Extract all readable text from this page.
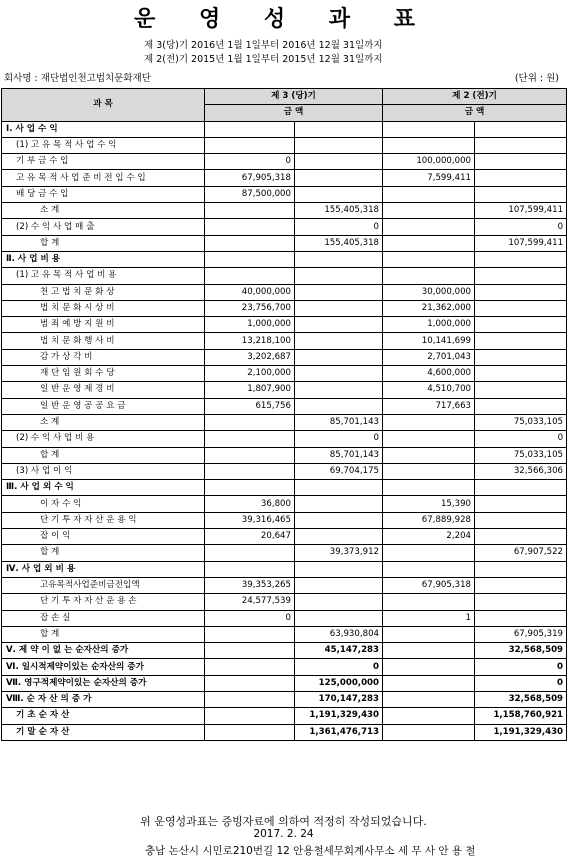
운 영 성 과 표
제 3(당)기 2016년 1월 1일부터 2016년 12월 31일까지
제 2(전)기 2015년 1월 1일부터 2015년 12월 31일까지
회사명 : 재단법인천고법치문화재단	(단위 : 원)
과 목	제 3 (당)기		제 2 (전)기	
	금 액		금 액	
Ⅰ. 사 업 수 익				
(1) 고 유 목 적 사 업 수 익				
기 부 금 수 입	0		100,000,000	
고 유 목 적 사 업 준 비 전 입 수 입	67,905,318		7,599,411	
배 당 금 수 입	87,500,000			
소 계		155,405,318		107,599,411
(2) 수 익 사 업 매 출		0		0
합 계		155,405,318		107,599,411
Ⅱ. 사 업 비 용				
(1) 고 유 목 적 사 업 비 용				
천 고 법 치 문 화 상	40,000,000		30,000,000	
법 치 문 화 시 상 비	23,756,700		21,362,000	
범 죄 예 방 지 원 비	1,000,000		1,000,000	
법 치 문 화 행 사 비	13,218,100		10,141,699	
감 가 상 각 비	3,202,687		2,701,043	
재 단 임 원 회 수 당	2,100,000		4,600,000	
일 반 운 영 제 경 비	1,807,900		4,510,700	
일 반 운 영 공 공 요 금	615,756		717,663	
소 계		85,701,143		75,033,105
(2) 수 익 사 업 비 용		0		0
합 계		85,701,143		75,033,105
(3) 사 업 이 익		69,704,175		32,566,306
Ⅲ. 사 업 외 수 익				
이 자 수 익	36,800		15,390	
단 기 투 자 자 산 운 용 익	39,316,465		67,889,928	
잡 이 익	20,647		2,204	
합 계		39,373,912		67,907,522
Ⅳ. 사 업 외 비 용				
고유목적사업준비금전입액	39,353,265		67,905,318	
단 기 투 자 자 산 운 용 손	24,577,539			
잡 손 실	0		1	
합 계		63,930,804		67,905,319
Ⅴ. 제 약 이 없 는 순자산의 증가		45,147,283		32,568,509
Ⅵ. 일시적제약이있는 순자산의 증가		0		0
Ⅶ. 영구적제약이있는 순자산의 증가		125,000,000		0
Ⅷ. 순 자 산 의 증 가		170,147,283		32,568,509
기 초 순 자 산		1,191,329,430		1,158,760,921
기 말 순 자 산		1,361,476,713		1,191,329,430
위 운영성과표는 증빙자료에 의하여 적정히 작성되었습니다.
2017. 2. 24
충남 논산시 시민로210번길 12 안용철세무회계사무소 세 무 사 안 용 철
